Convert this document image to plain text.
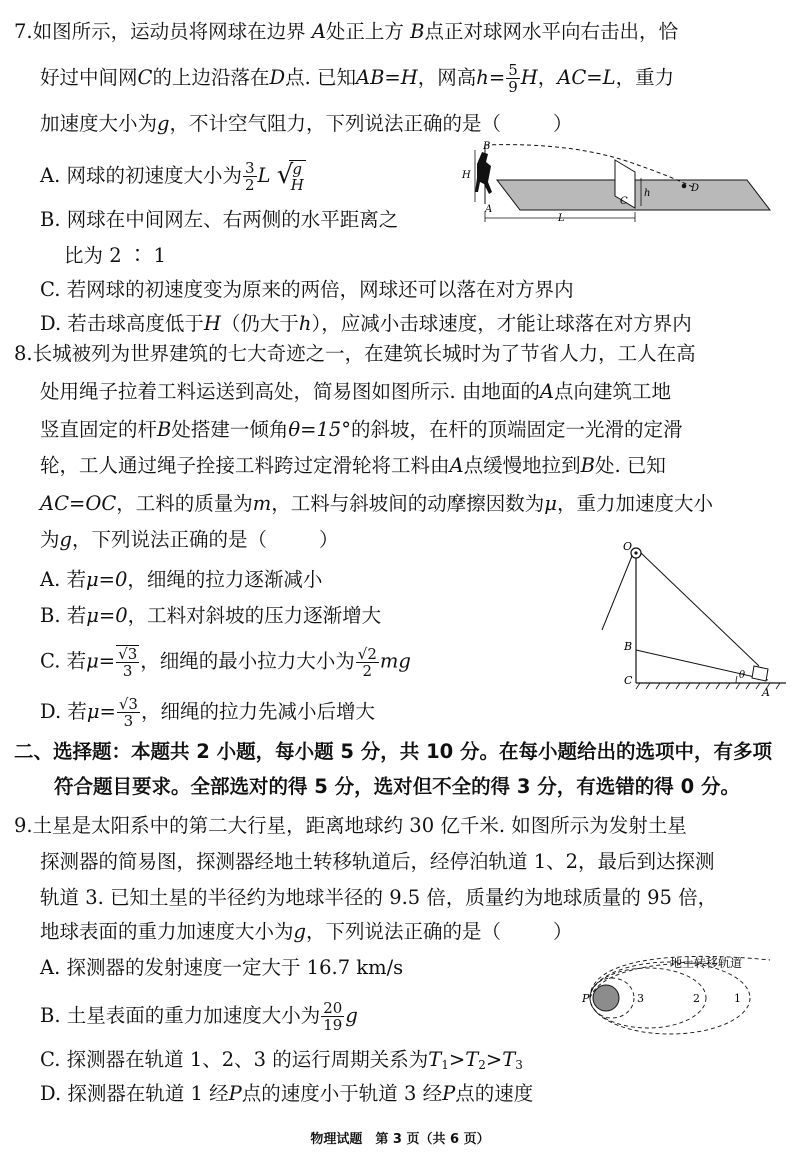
7.如图所示，运动员将网球在边界 A处正上方 B点正对球网水平向右击出，恰
好过中间网C的上边沿落在D点. 已知AB=H，网高$h= \frac{5}{9}$ H，AC=L，重力
加速度大小为g，不计空气阻力，下列说法正确的是（	）
A. 网球的初速度大小为 $\frac{3}{2}$ L √ g
H
B. 网球在中间网左、右两侧的水平距离之
比为 2 ∶ 1
C. 若网球的初速度变为原来的两倍，网球还可以落在对方界内
D. 若击球高度低于H（仍大于h），应减小击球速度，才能让球落在对方界内
B
H
A
C
h	D
L
8.长城被列为世界建筑的七大奇迹之一，在建筑长城时为了节省人力，工人在高
处用绳子拉着工料运送到高处，简易图如图所示. 由地面的A点向建筑工地
竖直固定的杆B处搭建一倾角θ=15°的斜坡，在杆的顶端固定一光滑的定滑
轮，工人通过绳子拴接工料跨过定滑轮将工料由A点缓慢地拉到B处. 已知
AC=OC，工料的质量为m，工料与斜坡间的动摩擦因数为μ，重力加速度大小
为g，下列说法正确的是（	）
A. 若μ=0，细绳的拉力逐渐减小
B. 若μ=0，工料对斜坡的压力逐渐增大
C. 若$\mu= \frac{√3}{3}$ ，细绳的最小拉力大小为 $\frac{√2}{2}$ mg
D. 若$\mu= \frac{√3}{3}$ ，细绳的拉力先减小后增大
O
B
C
A
θ
二、选择题：本题共 2 小题，每小题 5 分，共 10 分。在每小题给出的选项中，有多项
符合题目要求。全部选对的得 5 分，选对但不全的得 3 分，有选错的得 0 分。
9.土星是太阳系中的第二大行星，距离地球约 30 亿千米. 如图所示为发射土星
探测器的简易图，探测器经地土转移轨道后，经停泊轨道 1、2，最后到达探测
轨道 3. 已知土星的半径约为地球半径的 9.5 倍，质量约为地球质量的 95 倍，
地球表面的重力加速度大小为g，下列说法正确的是（	）
A. 探测器的发射速度一定大于 16.7 km/s
B. 土星表面的重力加速度大小为 $\frac{20}{19}$ g
C. 探测器在轨道 1、2、3 的运行周期关系为$T_1>T_2>T_3$
D. 探测器在轨道 1 经P点的速度小于轨道 3 经P点的速度
地土转移轨道
P	3	2	1
物理试题　第 3 页（共 6 页）
